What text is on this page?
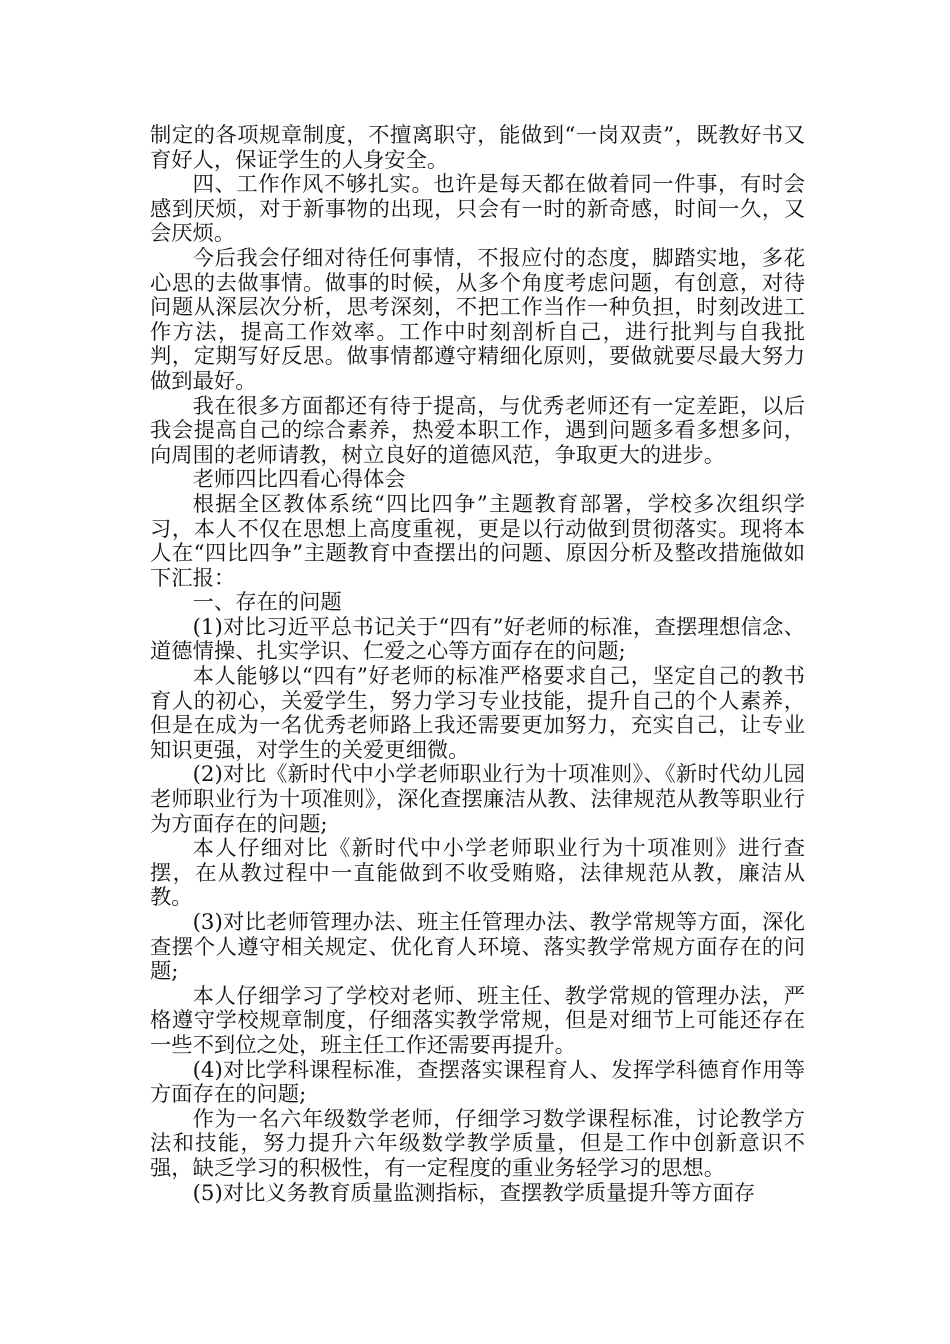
制定的各项规章制度，不擅离职守，能做到“一岗双责”，既教好书又育好人，保证学生的人身安全。

四、工作作风不够扎实。也许是每天都在做着同一件事，有时会感到厌烦，对于新事物的出现，只会有一时的新奇感，时间一久，又会厌烦。

今后我会仔细对待任何事情，不报应付的态度，脚踏实地，多花心思的去做事情。做事的时候，从多个角度考虑问题，有创意，对待问题从深层次分析，思考深刻，不把工作当作一种负担，时刻改进工作方法，提高工作效率。工作中时刻剖析自己，进行批判与自我批判，定期写好反思。做事情都遵守精细化原则，要做就要尽最大努力做到最好。

我在很多方面都还有待于提高，与优秀老师还有一定差距，以后我会提高自己的综合素养，热爱本职工作，遇到问题多看多想多问，向周围的老师请教，树立良好的道德风范，争取更大的进步。

老师四比四看心得体会

根据全区教体系统“四比四争”主题教育部署，学校多次组织学习，本人不仅在思想上高度重视，更是以行动做到贯彻落实。现将本人在“四比四争”主题教育中查摆出的问题、原因分析及整改措施做如下汇报：

一、存在的问题

(1)对比习近平总书记关于“四有”好老师的标准，查摆理想信念、道德情操、扎实学识、仁爱之心等方面存在的问题;

本人能够以“四有”好老师的标准严格要求自己，坚定自己的教书育人的初心，关爱学生，努力学习专业技能，提升自己的个人素养，但是在成为一名优秀老师路上我还需要更加努力，充实自己，让专业知识更强，对学生的关爱更细微。

(2)对比《新时代中小学老师职业行为十项准则》、《新时代幼儿园老师职业行为十项准则》，深化查摆廉洁从教、法律规范从教等职业行为方面存在的问题;

本人仔细对比《新时代中小学老师职业行为十项准则》进行查摆，在从教过程中一直能做到不收受贿赂，法律规范从教，廉洁从教。

(3)对比老师管理办法、班主任管理办法、教学常规等方面，深化查摆个人遵守相关规定、优化育人环境、落实教学常规方面存在的问题;

本人仔细学习了学校对老师、班主任、教学常规的管理办法，严格遵守学校规章制度，仔细落实教学常规，但是对细节上可能还存在一些不到位之处，班主任工作还需要再提升。

(4)对比学科课程标准，查摆落实课程育人、发挥学科德育作用等方面存在的问题;

作为一名六年级数学老师，仔细学习数学课程标准，讨论教学方法和技能，努力提升六年级数学教学质量，但是工作中创新意识不强，缺乏学习的积极性，有一定程度的重业务轻学习的思想。

(5)对比义务教育质量监测指标，查摆教学质量提升等方面存
